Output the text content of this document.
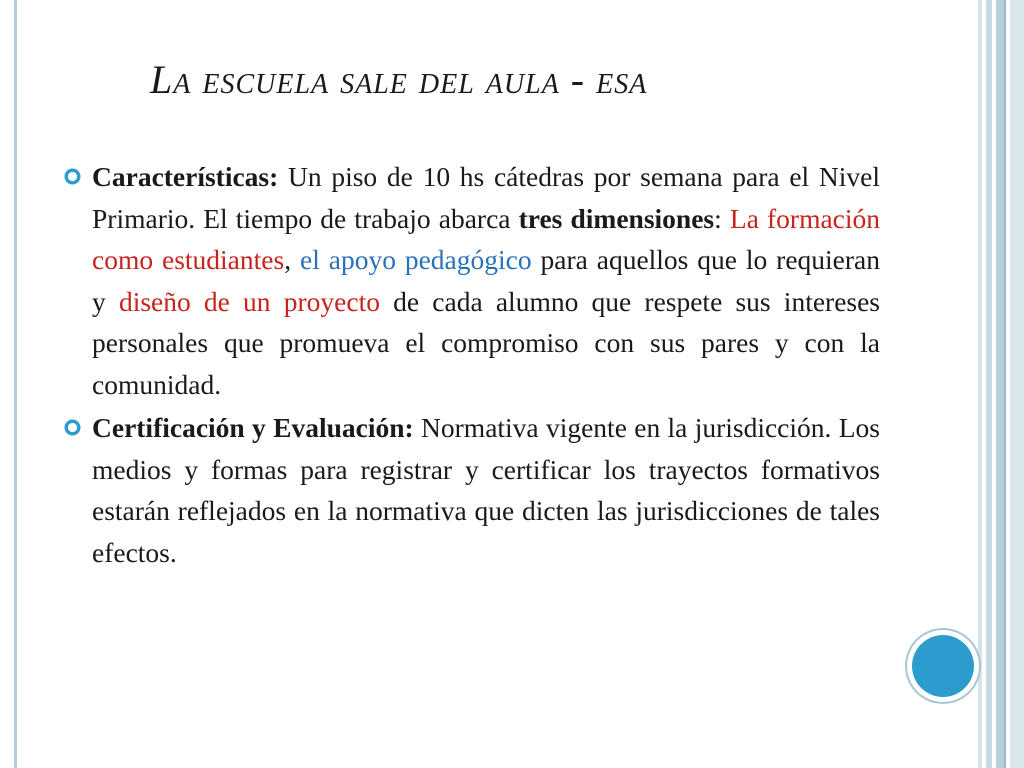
La escuela sale del aula - esa
Características: Un piso de 10 hs cátedras por semana para el Nivel Primario. El tiempo de trabajo abarca tres dimensiones: La formación como estudiantes, el apoyo pedagógico para aquellos que lo requieran y diseño de un proyecto de cada alumno que respete sus intereses personales que promueva el compromiso con sus pares y con la comunidad.
Certificación y Evaluación: Normativa vigente en la jurisdicción. Los medios y formas para registrar y certificar los trayectos formativos estarán reflejados en la normativa que dicten las jurisdicciones de tales efectos.
